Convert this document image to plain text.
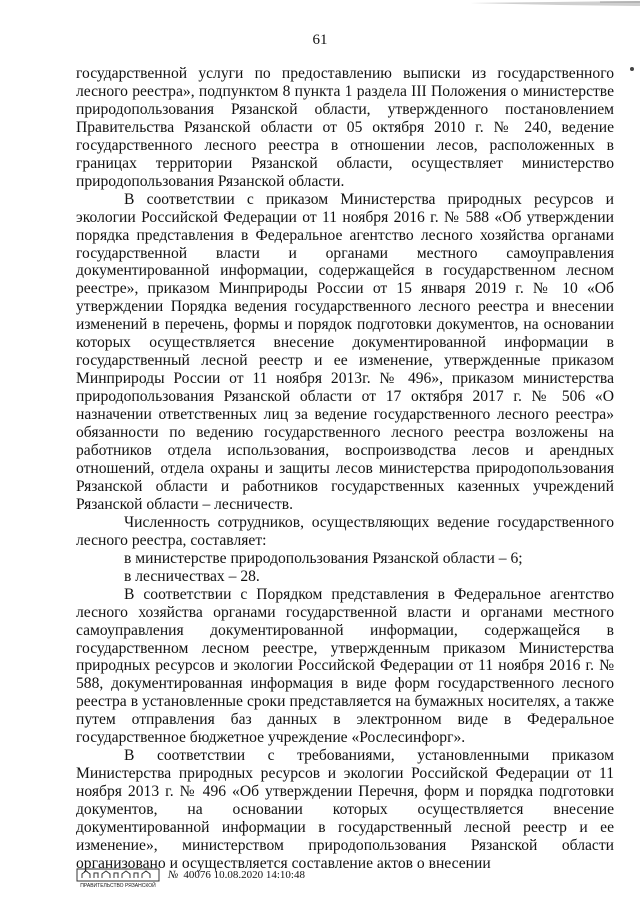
61

государственной услуги по предоставлению выписки из государственного лесного реестра», подпунктом 8 пункта 1 раздела III Положения о министерстве природопользования Рязанской области, утвержденного постановлением Правительства Рязанской области от 05 октября 2010 г. № 240, ведение государственного лесного реестра в отношении лесов, расположенных в границах территории Рязанской области, осуществляет министерство природопользования Рязанской области.

В соответствии с приказом Министерства природных ресурсов и экологии Российской Федерации от 11 ноября 2016 г. № 588 «Об утверждении порядка представления в Федеральное агентство лесного хозяйства органами государственной власти и органами местного самоуправления документированной информации, содержащейся в государственном лесном реестре», приказом Минприроды России от 15 января 2019 г. № 10 «Об утверждении Порядка ведения государственного лесного реестра и внесении изменений в перечень, формы и порядок подготовки документов, на основании которых осуществляется внесение документированной информации в государственный лесной реестр и ее изменение, утвержденные приказом Минприроды России от 11 ноября 2013г. № 496», приказом министерства природопользования Рязанской области от 17 октября 2017 г. № 506 «О назначении ответственных лиц за ведение государственного лесного реестра» обязанности по ведению государственного лесного реестра возложены на работников отдела использования, воспроизводства лесов и арендных отношений, отдела охраны и защиты лесов министерства природопользования Рязанской области и работников государственных казенных учреждений Рязанской области – лесничеств.

Численность сотрудников, осуществляющих ведение государственного лесного реестра, составляет:

в министерстве природопользования Рязанской области – 6;

в лесничествах – 28.

В соответствии с Порядком представления в Федеральное агентство лесного хозяйства органами государственной власти и органами местного самоуправления документированной информации, содержащейся в государственном лесном реестре, утвержденным приказом Министерства природных ресурсов и экологии Российской Федерации от 11 ноября 2016 г. № 588, документированная информация в виде форм государственного лесного реестра в установленные сроки представляется на бумажных носителях, а также путем отправления баз данных в электронном виде в Федеральное государственное бюджетное учреждение «Рослесинфорг».

В соответствии с требованиями, установленными приказом Министерства природных ресурсов и экологии Российской Федерации от 11 ноября 2013 г. № 496 «Об утверждении Перечня, форм и порядка подготовки документов, на основании которых осуществляется внесение документированной информации в государственный лесной реестр и ее изменение», министерством природопользования Рязанской области организовано и осуществляется составление актов о внесении

ПРАВИТЕЛЬСТВО РЯЗАНСКОЙ
№ 40076 10.08.2020 14:10:48
